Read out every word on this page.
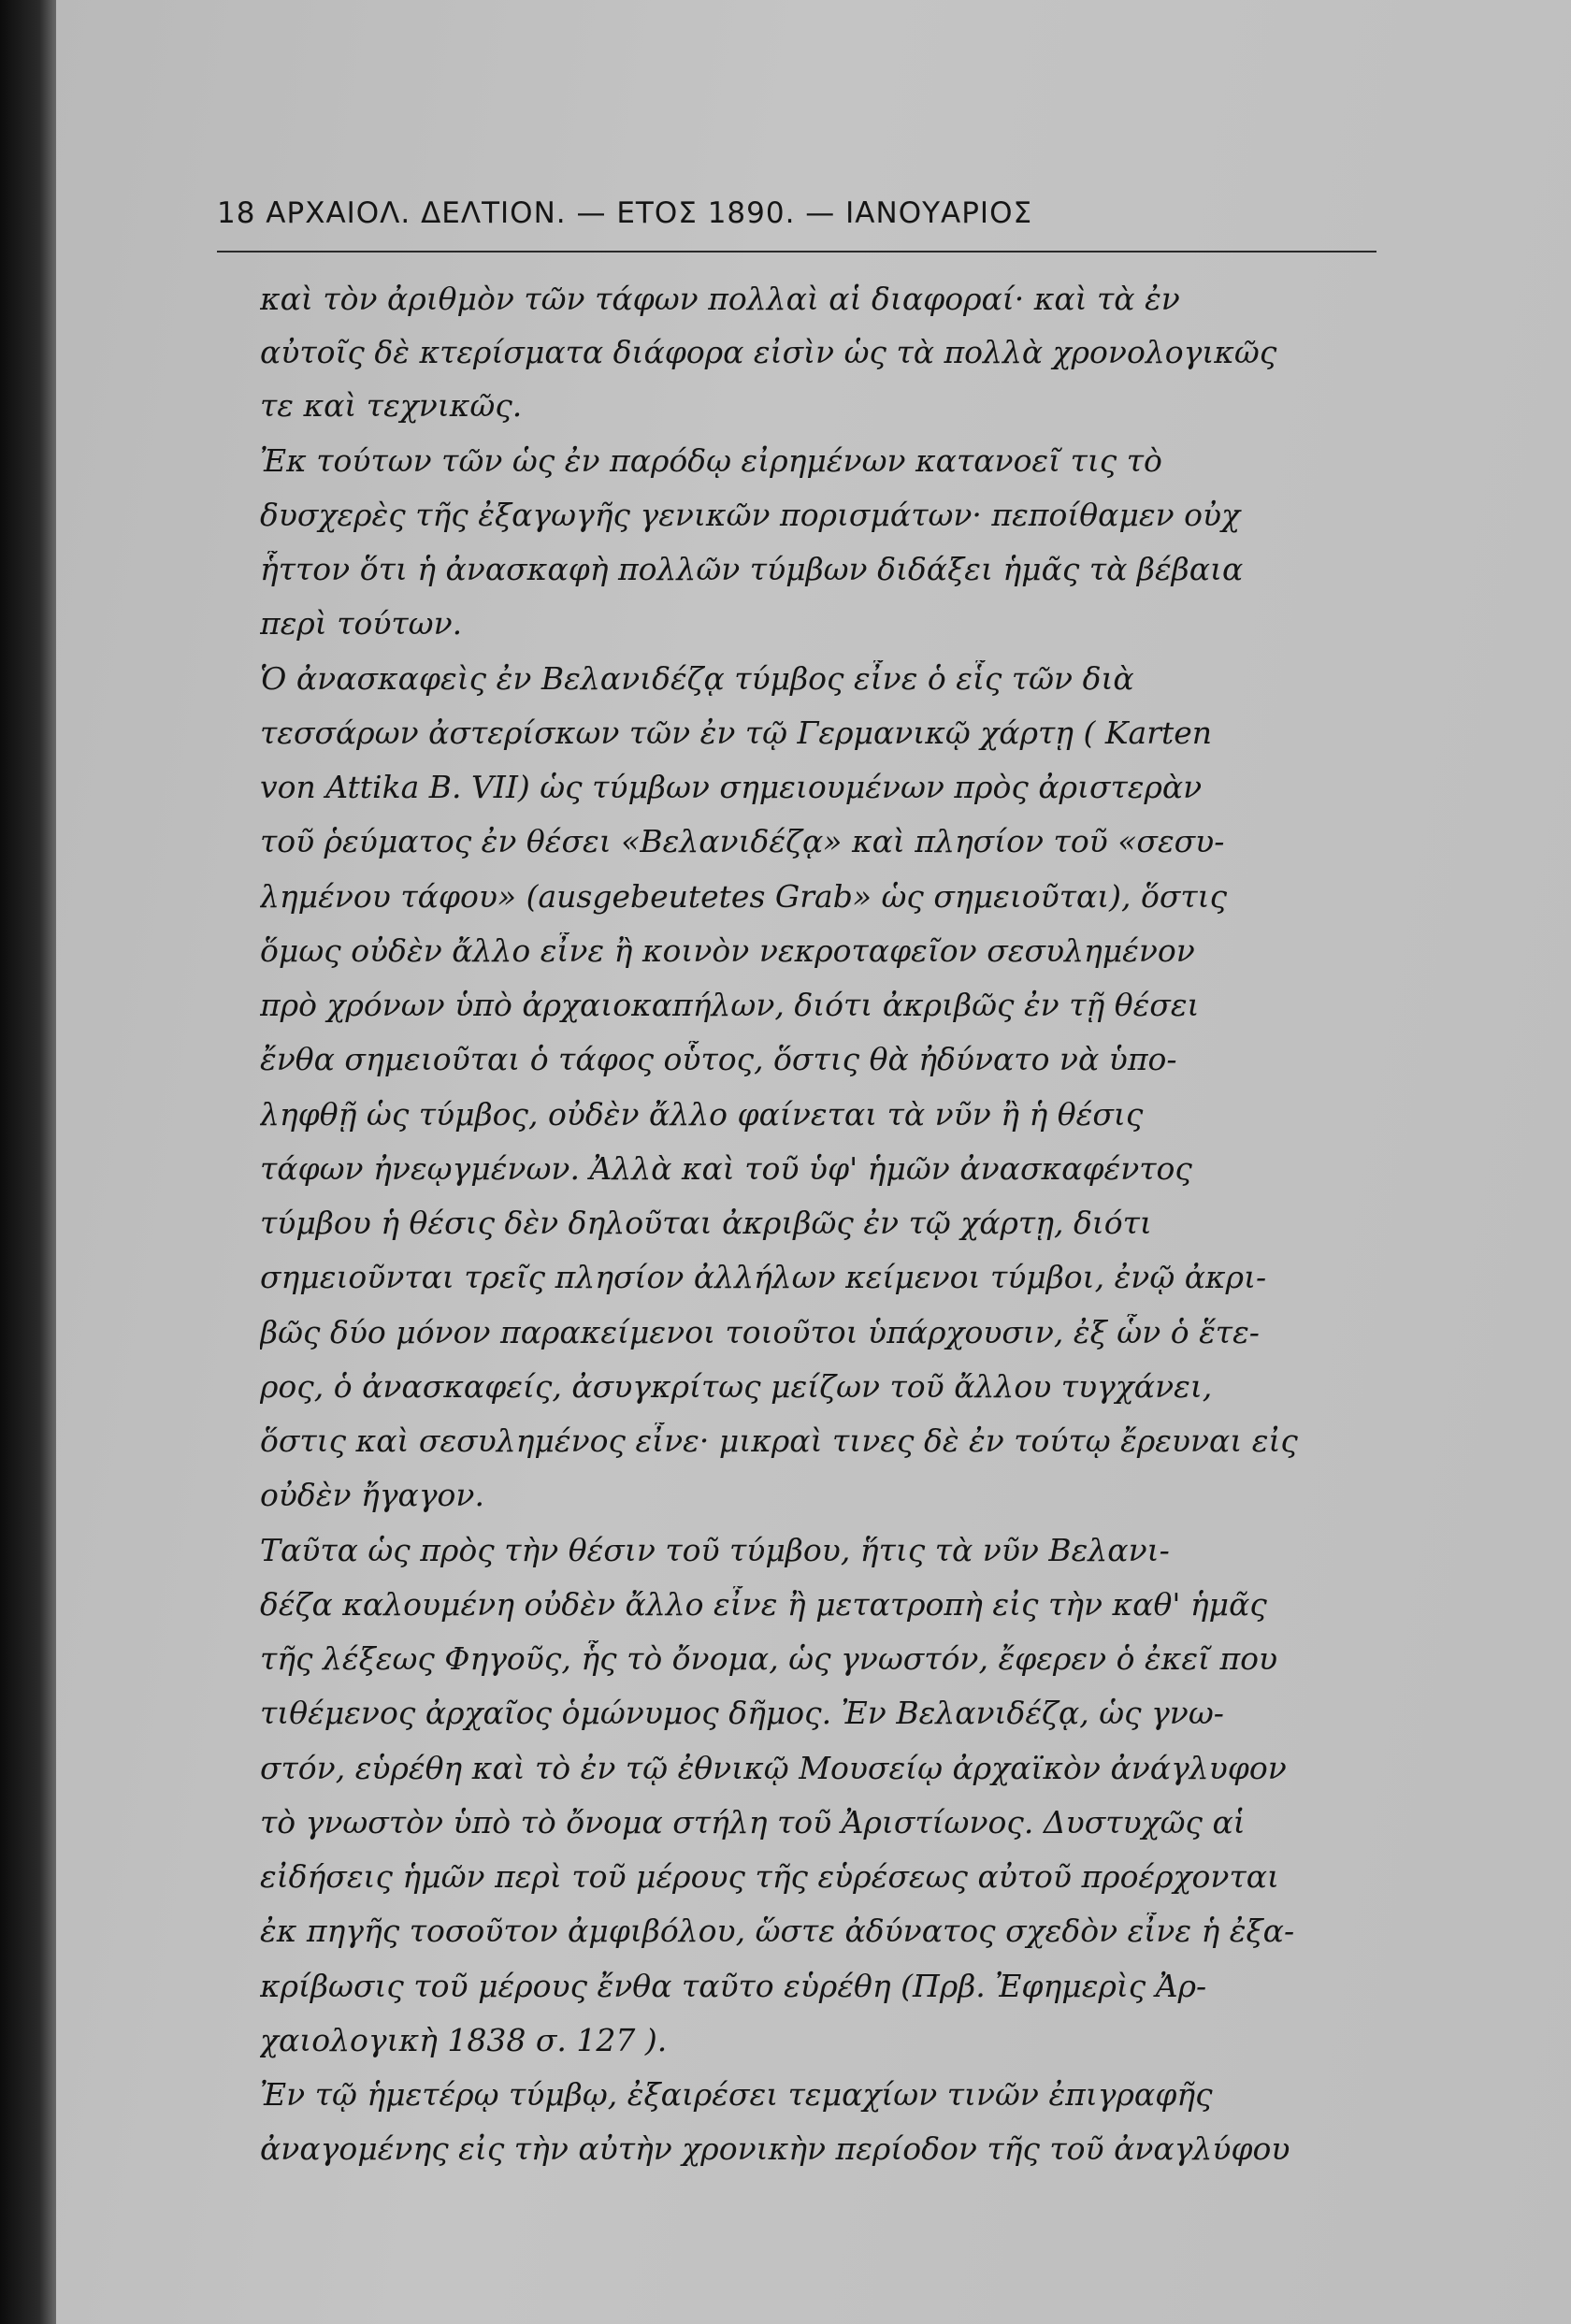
18 ΑΡΧΑΙΟΛ. ΔΕΛΤΙΟΝ. — ΕΤΟΣ 1890. — ΙΑΝΟΥΑΡΙΟΣ
καὶ τὸν ἀριθμὸν τῶν τάφων πολλαὶ αἱ διαφοραί· καὶ τὰ ἐν
αὐτοῖς δὲ κτερίσματα διάφορα εἰσὶν ὡς τὰ πολλὰ χρονολογικῶς
τε καὶ τεχνικῶς.
Ἐκ τούτων τῶν ὡς ἐν παρόδῳ εἰρημένων κατανοεῖ τις τὸ
δυσχερὲς τῆς ἐξαγωγῆς γενικῶν πορισμάτων· πεποίθαμεν οὐχ
ἧττον ὅτι ἡ ἀνασκαφὴ πολλῶν τύμβων διδάξει ἡμᾶς τὰ βέβαια
περὶ τούτων.
Ὁ ἀνασκαφεὶς ἐν Βελανιδέζᾳ τύμβος εἶνε ὁ εἷς τῶν διὰ
τεσσάρων ἀστερίσκων τῶν ἐν τῷ Γερμανικῷ χάρτῃ ( Karten
von Attika B. VII) ὡς τύμβων σημειουμένων πρὸς ἀριστερὰν
τοῦ ῥεύματος ἐν θέσει «Βελανιδέζᾳ» καὶ πλησίον τοῦ «σεσυ-
λημένου τάφου» (ausgebeutetes Grab» ὡς σημειοῦται), ὅστις
ὅμως οὐδὲν ἄλλο εἶνε ἢ κοινὸν νεκροταφεῖον σεσυλημένον
πρὸ χρόνων ὑπὸ ἀρχαιοκαπήλων, διότι ἀκριβῶς ἐν τῇ θέσει
ἔνθα σημειοῦται ὁ τάφος οὗτος, ὅστις θὰ ἠδύνατο νὰ ὑπο-
ληφθῇ ὡς τύμβος, οὐδὲν ἄλλο φαίνεται τὰ νῦν ἢ ἡ θέσις
τάφων ἠνεῳγμένων. Ἀλλὰ καὶ τοῦ ὑφ' ἡμῶν ἀνασκαφέντος
τύμβου ἡ θέσις δὲν δηλοῦται ἀκριβῶς ἐν τῷ χάρτῃ, διότι
σημειοῦνται τρεῖς πλησίον ἀλλήλων κείμενοι τύμβοι, ἐνῷ ἀκρι-
βῶς δύο μόνον παρακείμενοι τοιοῦτοι ὑπάρχουσιν, ἐξ ὧν ὁ ἕτε-
ρος, ὁ ἀνασκαφείς, ἀσυγκρίτως μείζων τοῦ ἄλλου τυγχάνει,
ὅστις καὶ σεσυλημένος εἶνε· μικραὶ τινες δὲ ἐν τούτῳ ἔρευναι εἰς
οὐδὲν ἤγαγον.
Ταῦτα ὡς πρὸς τὴν θέσιν τοῦ τύμβου, ἥτις τὰ νῦν Βελανι-
δέζα καλουμένη οὐδὲν ἄλλο εἶνε ἢ μετατροπὴ εἰς τὴν καθ' ἡμᾶς
τῆς λέξεως Φηγοῦς, ἧς τὸ ὄνομα, ὡς γνωστόν, ἔφερεν ὁ ἐκεῖ που
τιθέμενος ἀρχαῖος ὁμώνυμος δῆμος. Ἐν Βελανιδέζᾳ, ὡς γνω-
στόν, εὑρέθη καὶ τὸ ἐν τῷ ἐθνικῷ Μουσείῳ ἀρχαϊκὸν ἀνάγλυφον
τὸ γνωστὸν ὑπὸ τὸ ὄνομα στήλη τοῦ Ἀριστίωνος. Δυστυχῶς αἱ
εἰδήσεις ἡμῶν περὶ τοῦ μέρους τῆς εὑρέσεως αὐτοῦ προέρχονται
ἐκ πηγῆς τοσοῦτον ἀμφιβόλου, ὥστε ἀδύνατος σχεδὸν εἶνε ἡ ἐξα-
κρίβωσις τοῦ μέρους ἔνθα ταῦτο εὑρέθη (Πρβ. Ἐφημερὶς Ἀρ-
χαιολογικὴ 1838 σ. 127 ).
Ἐν τῷ ἡμετέρῳ τύμβῳ, ἐξαιρέσει τεμαχίων τινῶν ἐπιγραφῆς
ἀναγομένης εἰς τὴν αὐτὴν χρονικὴν περίοδον τῆς τοῦ ἀναγλύφου
